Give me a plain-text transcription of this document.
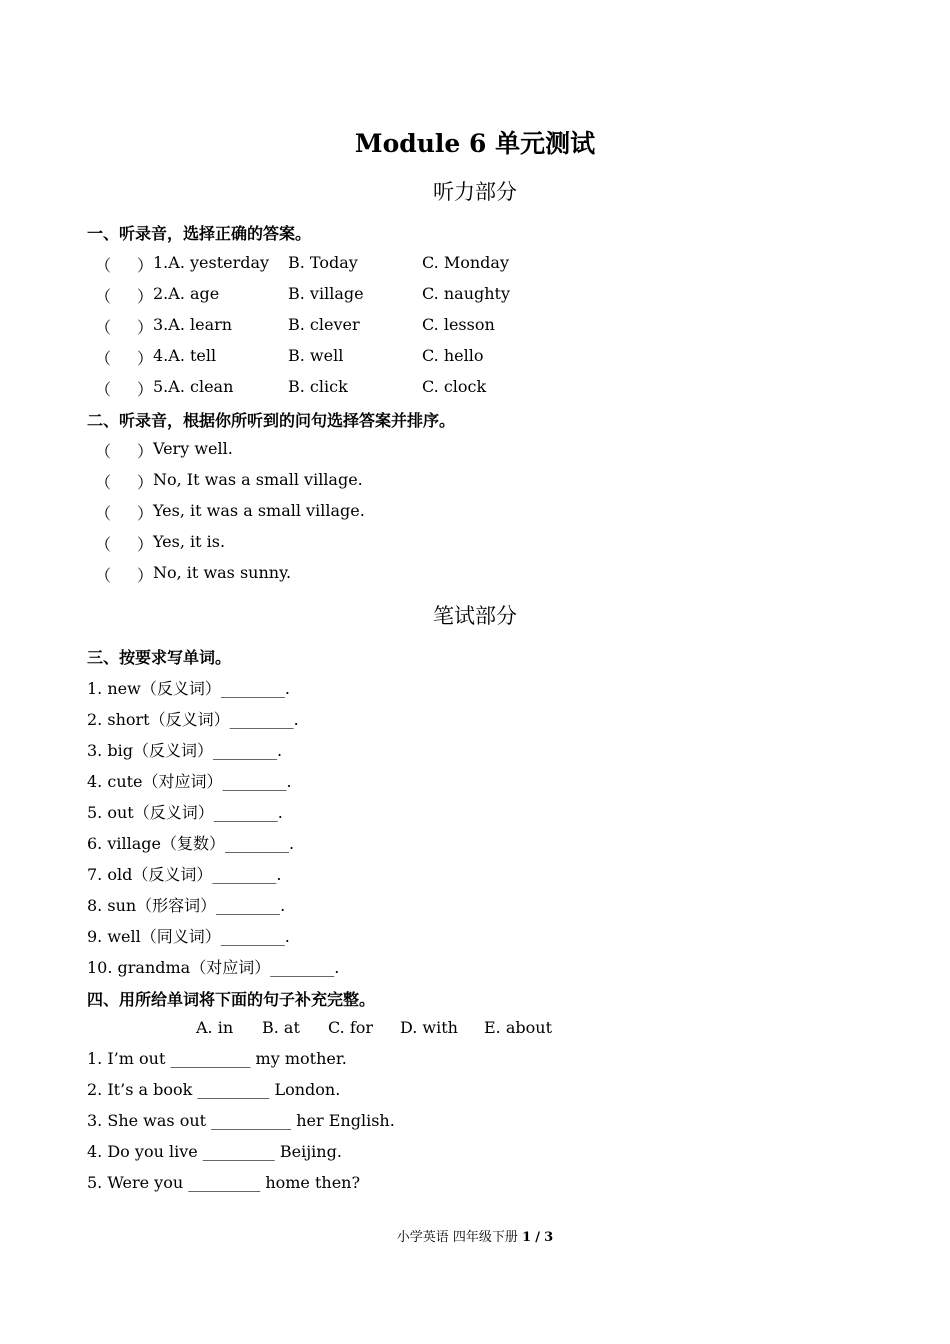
Module 6 单元测试
听力部分
一、听录音，选择正确的答案。
（ ） 1.A. yesterday B. Today	C. Monday
（ ） 2.A. age	B. village	C. naughty
（ ） 3.A. learn	B. clever	C. lesson
（ ） 4.A. tell	B. well	C. hello
（ ） 5.A. clean	B. click	C. clock
二、听录音，根据你所听到的问句选择答案并排序。
（ ） Very well.
（ ） No, It was a small village.
（ ） Yes, it was a small village.
（ ） Yes, it is.
（ ） No, it was sunny.
笔试部分
三、按要求写单词。
1. new（反义词）________.
2. short（反义词）________.
3. big（反义词）________.
4. cute（对应词）________.
5. out（反义词）________.
6. village（复数）________.
7. old（反义词）________.
8. sun（形容词）________.
9. well（同义词）________.
10. grandma（对应词）________.
四、用所给单词将下面的句子补充完整。
A. in B. at C. for D. with E. about
1. I’m out __________ my mother.
2. It’s a book _________ London.
3. She was out __________ her English.
4. Do you live _________ Beijing.
5. Were you _________ home then?
小学英语 四年级下册 1 / 3
